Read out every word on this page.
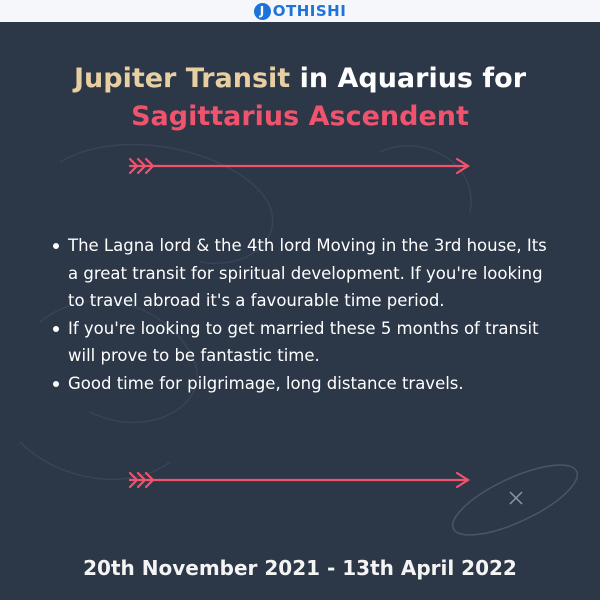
J OTHISHI
Jupiter Transit in Aquarius for
Sagittarius Ascendent
The Lagna lord & the 4th lord Moving in the 3rd house, Its a great transit for spiritual development. If you're looking to travel abroad it's a favourable time period.
If you're looking to get married these 5 months of transit will prove to be fantastic time.
Good time for pilgrimage, long distance travels.
20th November 2021 - 13th April 2022
